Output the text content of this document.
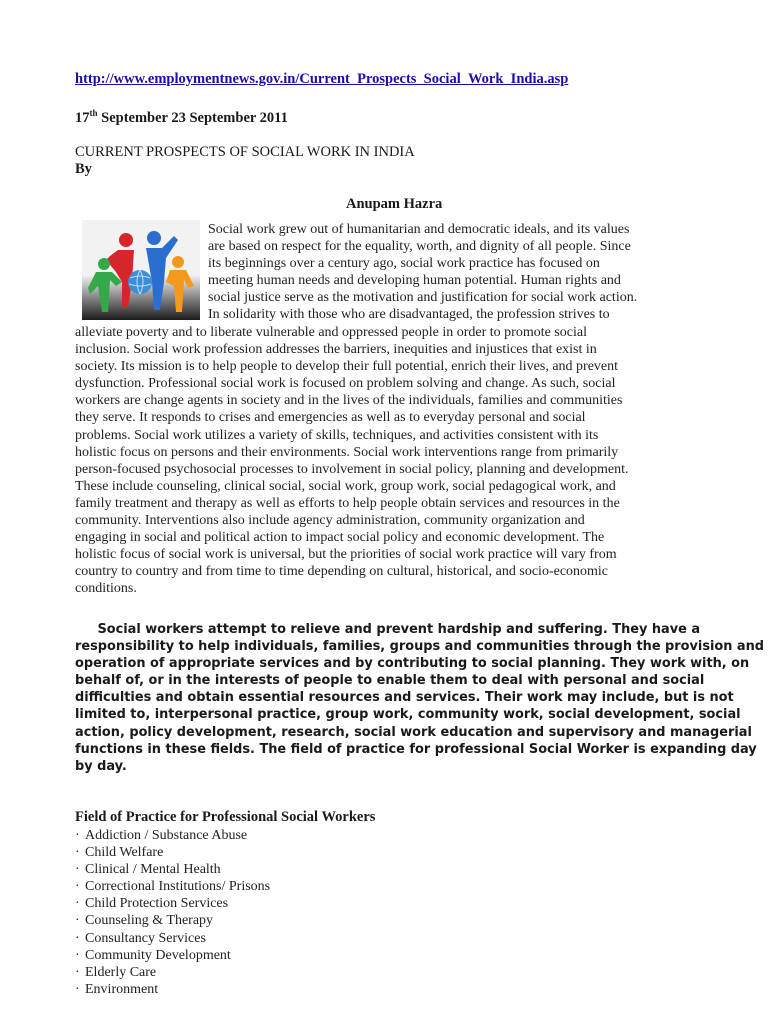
http://www.employmentnews.gov.in/Current_Prospects_Social_Work_India.asp
17th September 23 September 2011
CURRENT PROSPECTS OF SOCIAL WORK IN INDIA
By
Anupam Hazra
Social work grew out of humanitarian and democratic ideals, and its values
are based on respect for the equality, worth, and dignity of all people. Since
its beginnings over a century ago, social work practice has focused on
meeting human needs and developing human potential. Human rights and
social justice serve as the motivation and justification for social work action.
In solidarity with those who are disadvantaged, the profession strives to
alleviate poverty and to liberate vulnerable and oppressed people in order to promote social
inclusion. Social work profession addresses the barriers, inequities and injustices that exist in
society. Its mission is to help people to develop their full potential, enrich their lives, and prevent
dysfunction. Professional social work is focused on problem solving and change. As such, social
workers are change agents in society and in the lives of the individuals, families and communities
they serve. It responds to crises and emergencies as well as to everyday personal and social
problems. Social work utilizes a variety of skills, techniques, and activities consistent with its
holistic focus on persons and their environments. Social work interventions range from primarily
person-focused psychosocial processes to involvement in social policy, planning and development.
These include counseling, clinical social, social work, group work, social pedagogical work, and
family treatment and therapy as well as efforts to help people obtain services and resources in the
community. Interventions also include agency administration, community organization and
engaging in social and political action to impact social policy and economic development. The
holistic focus of social work is universal, but the priorities of social work practice will vary from
country to country and from time to time depending on cultural, historical, and socio-economic
conditions.
Social workers attempt to relieve and prevent hardship and suffering. They have a
responsibility to help individuals, families, groups and communities through the provision and
operation of appropriate services and by contributing to social planning. They work with, on
behalf of, or in the interests of people to enable them to deal with personal and social
difficulties and obtain essential resources and services. Their work may include, but is not
limited to, interpersonal practice, group work, community work, social development, social
action, policy development, research, social work education and supervisory and managerial
functions in these fields. The field of practice for professional Social Worker is expanding day
by day.
Field of Practice for Professional Social Workers
· Addiction / Substance Abuse
· Child Welfare
· Clinical / Mental Health
· Correctional Institutions/ Prisons
· Child Protection Services
· Counseling & Therapy
· Consultancy Services
· Community Development
· Elderly Care
· Environment
